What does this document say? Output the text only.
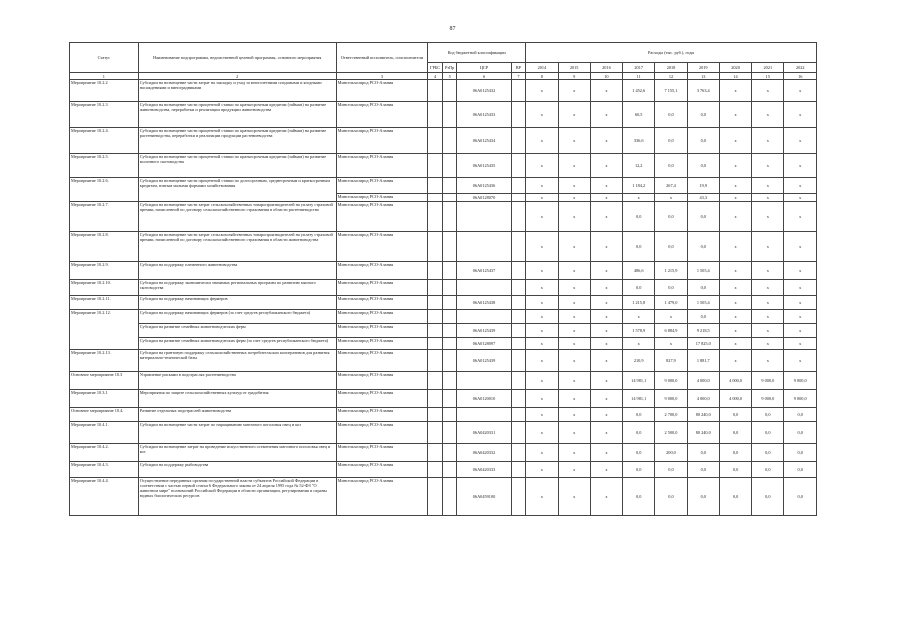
87
Статус	Наименование подпрограммы, ведомственной целевой программы, основного мероприятия	Ответственный исполнитель, соисполнители	Код бюджетной классификации				Расходы (тыс. руб.), годы								
			ГРБС	РзПр	ЦСР	ВР	2014	2015	2016	2017	2018	2019	2020	2021	2022
1	2	3	4	5	6	7	8	9	10	11	12	13	14	15	16
Мероприятие 10.2.2	Субсидии на возмещение части затрат на закладку и уход за многолетними плодовыми и ягодными насаждениями и виноградниками	Минсельхозпрод РСО-Алания			06А0125432		х	х	х	1 452,6	7 155,1	3 763,4	х	х	х
Мероприятие 10.2.3	Субсидии на возмещение части процентной ставки по краткосрочным кредитам (займам) на развитие животноводства, переработки и реализации продукции животноводства	Минсельхозпрод РСО-Алания			06А0125433		х	х	х	60,5	0,0	0,0	х	х	х
Мероприятие 10.2.4.	Субсидии на возмещение части процентной ставки по краткосрочным кредитам (займам) на развитие растениеводства, переработки и реализации продукции растениеводства	Минсельхозпрод РСО-Алания			06А0125434		х	х	х	336,6	0,0	0,0	х	х	х
Мероприятие 10.2.5.	Субсидии на возмещение части процентной ставки по краткосрочным кредитам (займам) на развитие молочного скотоводства	Минсельхозпрод РСО-Алания			06А0125435		х	х	х	12,2	0,0	0,0	х	х	х
Мероприятие 10.2.6.	Субсидии на возмещение части процентной ставки по долгосрочным, среднесрочным и краткосрочным кредитам, взятым малыми формами хозяйствования	Минсельхозпрод РСО-Алания			06А0125436		х	х	х	1 184,2	267,4	19,9	х	х	х
		Минсельхозпрод РСО-Алания			06А0128070		х	х	х	х	х	43,3	х	х	х
Мероприятие 10.2.7.	Субсидии на возмещение части затрат сельскохозяйственных товаропроизводителей на уплату страховой премии, начисленной по договору сельскохозяйственного страхования в области растениеводства	Минсельхозпрод РСО-Алания					х	х	х	0,0	0,0	0,0	х	х	х
Мероприятие 10.2.8.	Субсидии на возмещение части затрат сельскохозяйственных товаропроизводителей на уплату страховой премии, начисленной по договору сельскохозяйственного страхования в области животноводства	Минсельхозпрод РСО-Алания					х	х	х	0,0	0,0	0,0	х	х	х
Мероприятие 10.2.9.	Субсидии на поддержку племенного животноводства	Минсельхозпрод РСО-Алания			06А0125437		х	х	х	486,6	1 215,9	1 505,4	х	х	х
Мероприятие 10.2.10.	Субсидии на поддержку экономически значимых региональных программ по развитию мясного скотоводства	Минсельхозпрод РСО-Алания					х	х	х	0,0	0,0	0,0	х	х	х
Мероприятие 10.2.11.	Субсидии на поддержку начинающих фермеров	Минсельхозпрод РСО-Алания			06А0125438		х	х	х	1 215,8	1 479,0	1 505,4	х	х	х
Мероприятие 10.2.12.	Субсидии на поддержку начинающих фермеров (за счет средств республиканского бюджета)	Минсельхозпрод РСО-Алания					х	х	х	х	х	0,0	х	х	х
	Субсидии на развитие семейных животноводческих ферм	Минсельхозпрод РСО-Алания			06А0125439		х	х	х	1 578,9	6 884,9	9 218,5	х	х	х
	Субсидии на развитие семейных животноводческих ферм (за счет средств республиканского бюджета)	Минсельхозпрод РСО-Алания			06А0128097		х	х	х	х	х	17 825,0	х	х	х
Мероприятие 10.2.13.	Субсидии на грантовую поддержку сельскохозяйственных потребительских кооперативов для развития материально-технической базы	Минсельхозпрод РСО-Алания			06А0125439		х	х	х	210,9	827,9	1 881,7	х	х	х
Основное мероприятие 10.3	Управление рисками в подотраслях растениеводства	Минсельхозпрод РСО-Алания					х	х	х	14 981,1	9 000,0	4 000,0	4 000,0	9 000,0	9 000,0
Мероприятие 10.3.1	Мероприятия по защите сельскохозяйственных культур от градобития	Минсельхозпрод РСО-Алания			06А0120010		х	х	х	14 981,1	9 000,0	4 000,0	4 000,0	9 000,0	9 000,0
Основное мероприятие 10.4.	Развитие отдельных подотраслей животноводства	Минсельхозпрод РСО-Алания					х	х	х	0,0	2 700,0	80 240,0	0,0	0,0	0,0
Мероприятие 10.4.1.	Субсидии на возмещение части затрат по наращиванию маточного поголовья овец и коз	Минсельхозпрод РСО-Алания			06А0420331		х	х	х	0,0	2 500,0	80 240,0	0,0	0,0	0,0
Мероприятие 10.4.2.	Субсидии на возмещение затрат на проведение искусственного осеменения маточного поголовья овец и коз	Минсельхозпрод РСО-Алания			06А0420332		х	х	х	0,0	200,0	0,0	0,0	0,0	0,0
Мероприятие 10.4.3.	Субсидии на поддержку рыбоводства	Минсельхозпрод РСО-Алания			06А0420333		х	х	х	0,0	0,0	0,0	0,0	0,0	0,0
Мероприятие 10.4.4.	Осуществление переданных органам государственной власти субъектов Российской Федерации в соответствии с частью первой статьи 6 Федерального закона от 24 апреля 1995 года № 52-ФЗ "О животном мире" полномочий Российской Федерации в области организации, регулирования и охраны водных биологических ресурсов	Минсельхозпрод РСО-Алания			06А0459100		х	х	х	0,0	0,0	0,0	0,0	0,0	0,0
